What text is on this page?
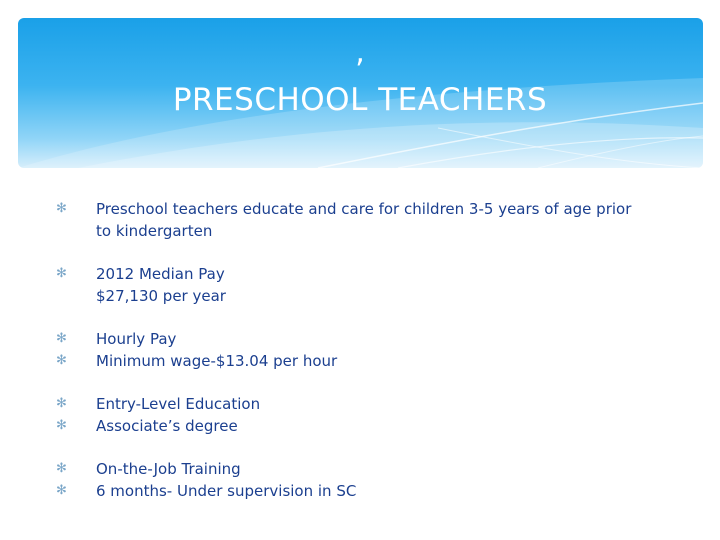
,
PRESCHOOL TEACHERS
✻ Preschool teachers educate and care for children 3-5 years of age prior
to kindergarten
✻ 2012 Median Pay
$27,130 per year
✻ Hourly Pay
✻ Minimum wage-$13.04 per hour
✻ Entry-Level Education
✻ Associate’s degree
✻ On-the-Job Training
✻ 6 months- Under supervision in SC
